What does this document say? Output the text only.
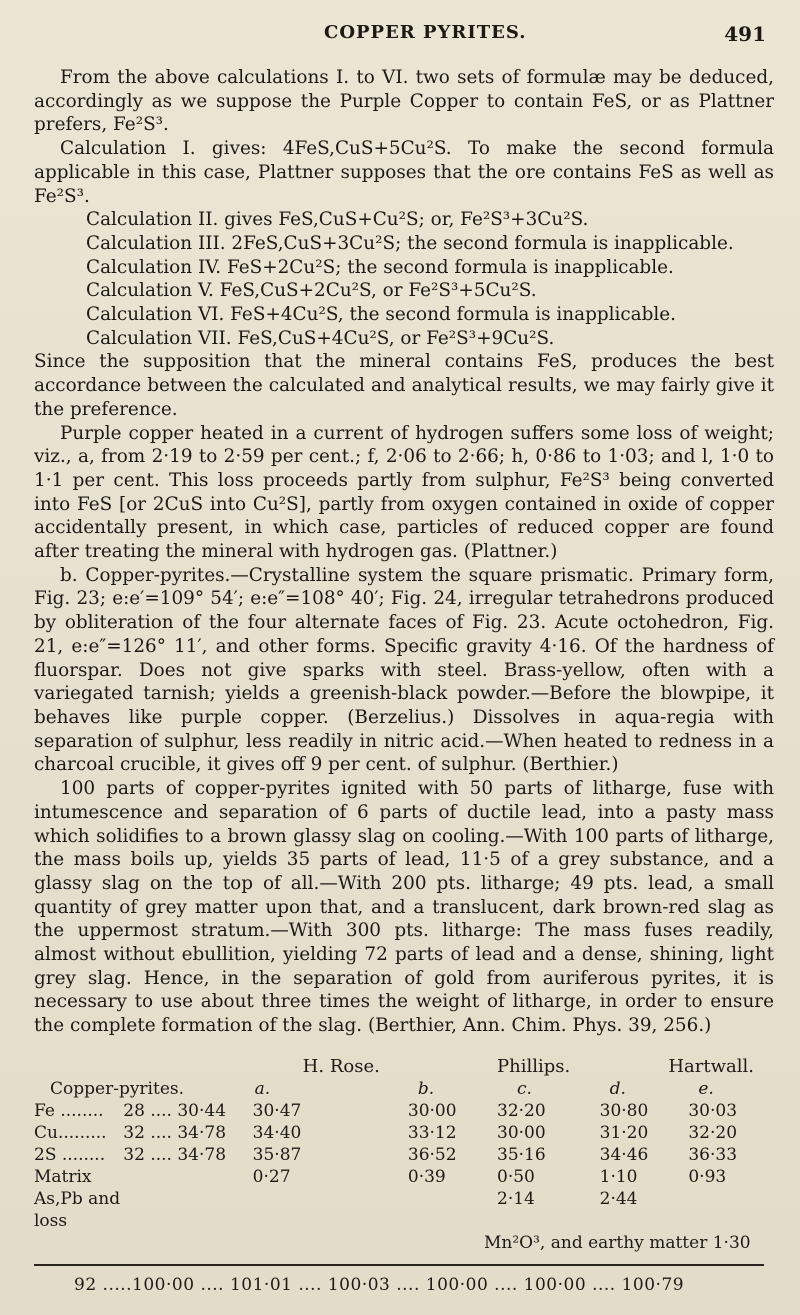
COPPER PYRITES.	491

From the above calculations I. to VI. two sets of formulæ may be deduced, accordingly as we suppose the Purple Copper to contain FeS, or as Plattner prefers, Fe²S³.

Calculation I. gives: 4FeS,CuS+5Cu²S. To make the second formula applicable in this case, Plattner supposes that the ore contains FeS as well as Fe²S³.

Calculation II. gives FeS,CuS+Cu²S; or, Fe²S³+3Cu²S.

Calculation III. 2FeS,CuS+3Cu²S; the second formula is inapplicable.

Calculation IV. FeS+2Cu²S; the second formula is inapplicable.

Calculation V. FeS,CuS+2Cu²S, or Fe²S³+5Cu²S.

Calculation VI. FeS+4Cu²S, the second formula is inapplicable.

Calculation VII. FeS,CuS+4Cu²S, or Fe²S³+9Cu²S.

Since the supposition that the mineral contains FeS, produces the best accordance between the calculated and analytical results, we may fairly give it the preference.

Purple copper heated in a current of hydrogen suffers some loss of weight; viz., a, from 2·19 to 2·59 per cent.; f, 2·06 to 2·66; h, 0·86 to 1·03; and l, 1·0 to 1·1 per cent. This loss proceeds partly from sulphur, Fe²S³ being converted into FeS [or 2CuS into Cu²S], partly from oxygen contained in oxide of copper accidentally present, in which case, particles of reduced copper are found after treating the mineral with hydrogen gas. (Plattner.)

b. Copper-pyrites.—Crystalline system the square prismatic. Primary form, Fig. 23; e:e′=109° 54′; e:e″=108° 40′; Fig. 24, irregular tetrahedrons produced by obliteration of the four alternate faces of Fig. 23. Acute octohedron, Fig. 21, e:e″=126° 11′, and other forms. Specific gravity 4·16. Of the hardness of fluorspar. Does not give sparks with steel. Brass-yellow, often with a variegated tarnish; yields a greenish-black powder.—Before the blowpipe, it behaves like purple copper. (Berzelius.) Dissolves in aqua-regia with separation of sulphur, less readily in nitric acid.—When heated to redness in a charcoal crucible, it gives off 9 per cent. of sulphur. (Berthier.)

100 parts of copper-pyrites ignited with 50 parts of litharge, fuse with intumescence and separation of 6 parts of ductile lead, into a pasty mass which solidifies to a brown glassy slag on cooling.—With 100 parts of litharge, the mass boils up, yields 35 parts of lead, 11·5 of a grey substance, and a glassy slag on the top of all.—With 200 pts. litharge; 49 pts. lead, a small quantity of grey matter upon that, and a translucent, dark brown-red slag as the uppermost stratum.—With 300 pts. litharge: The mass fuses readily, almost without ebullition, yielding 72 parts of lead and a dense, shining, light grey slag. Hence, in the separation of gold from auriferous pyrites, it is necessary to use about three times the weight of litharge, in order to ensure the complete formation of the slag. (Berthier, Ann. Chim. Phys. 39, 256.)

		H. Rose.		Phillips.		Hartwall.
Copper-pyrites.		a.	b.	c.	d.	e.
Fe ........	28 .... 30·44	30·47	30·00	32·20	30·80	30·03
Cu.........	32 .... 34·78	34·40	33·12	30·00	31·20	32·20
2S ........	32 .... 34·78	35·87	36·52	35·16	34·46	36·33
Matrix		0·27	0·39	0·50	1·10	0·93
As,Pb and loss				2·14	2·44	
Mn²O³, and earthy matter 1·30
92 .....100·00 .... 101·01 .... 100·03 .... 100·00 .... 100·00 .... 100·79
